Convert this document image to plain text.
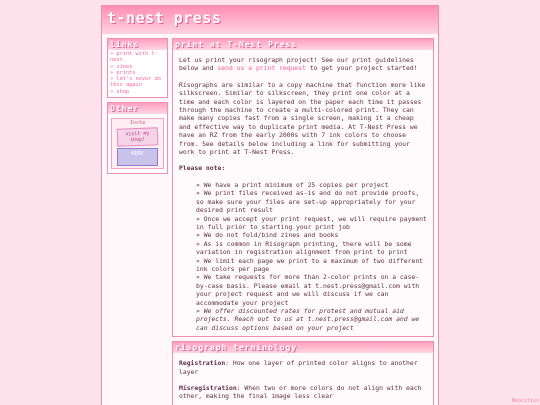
t-nest press
links
» print with t-nest
» zines
» prints
» let's never do this again
» shop
Other
Insta
visit my shop!
KERV
print at T-Nest Press

Let us print your risograph project! See our print guidelines below and send us a print request to get your project started!

Risographs are similar to a copy machine that function more like silkscreen. Similar to silkscreen, they print one color at a time and each color is layered on the paper each time it passes through the machine to create a multi-colored print. They can make many copies fast from a single screen, making it a cheap and effective way to duplicate print media. At T-Nest Press we have an RZ from the early 2000s with 7 ink colors to choose from. See details below including a link for submitting your work to print at T-Nest Press.

Please note:

» We have a print minimum of 25 copies per project
» We print files received as-is and do not provide proofs, so make sure your files are set-up appropriately for your desired print result
» Once we accept your print request, we will require payment in full prior to starting your print job
» We do not fold/bind zines and books
» As is common in Risograph printing, there will be some variation in registration alignment from print to print
» We limit each page we print to a maximum of two different ink colors per page
» We take requests for more than 2-color prints on a case-by-case basis. Please email at t.nest.press@gmail.com with your project request and we will discuss if we can accommodate your project
» We offer discounted rates for protest and mutual aid projects. Reach out to us at t.nest.press@gmail.com and we can discuss options based on your project
risograph terminology

Registration: How one layer of printed color aligns to another layer

Misregistration: When two or more colors do not align with each other, making the final image less clear

Neocities
